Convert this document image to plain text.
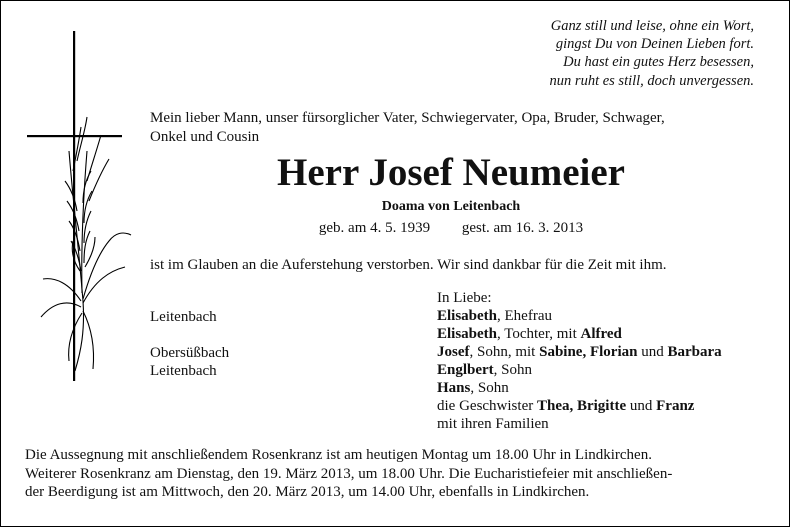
Ganz still und leise, ohne ein Wort,
gingst Du von Deinen Lieben fort.
Du hast ein gutes Herz besessen,
nun ruht es still, doch unvergessen.
Mein lieber Mann, unser fürsorglicher Vater, Schwiegervater, Opa, Bruder, Schwager,
Onkel und Cousin
Herr Josef Neumeier
Doama von Leitenbach
geb. am 4. 5. 1939 gest. am 16. 3. 2013
ist im Glauben an die Auferstehung verstorben. Wir sind dankbar für die Zeit mit ihm.
Leitenbach
Obersüßbach
Leitenbach
In Liebe:
Elisabeth, Ehefrau
Elisabeth, Tochter, mit Alfred
Josef, Sohn, mit Sabine, Florian und Barbara
Englbert, Sohn
Hans, Sohn
die Geschwister Thea, Brigitte und Franz
mit ihren Familien
Die Aussegnung mit anschließendem Rosenkranz ist am heutigen Montag um 18.00 Uhr in Lindkirchen.
Weiterer Rosenkranz am Dienstag, den 19. März 2013, um 18.00 Uhr. Die Eucharistiefeier mit anschließen-
der Beerdigung ist am Mittwoch, den 20. März 2013, um 14.00 Uhr, ebenfalls in Lindkirchen.
